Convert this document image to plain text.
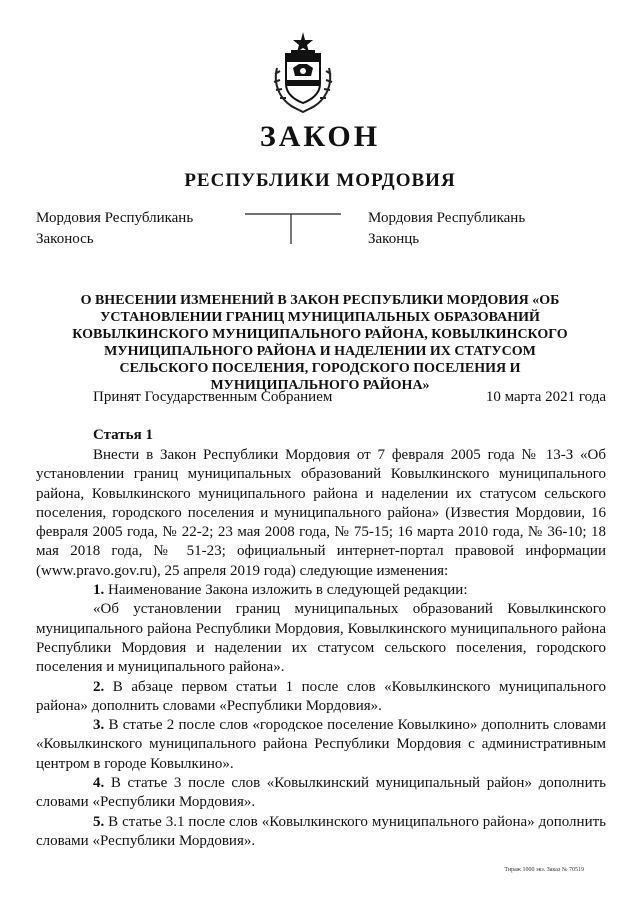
ЗАКОН
РЕСПУБЛИКИ МОРДОВИЯ
Мордовия Республикань
Законось
Мордовия Республикань
Законць
О ВНЕСЕНИИ ИЗМЕНЕНИЙ В ЗАКОН РЕСПУБЛИКИ МОРДОВИЯ «ОБ УСТАНОВЛЕНИИ ГРАНИЦ МУНИЦИПАЛЬНЫХ ОБРАЗОВАНИЙ КОВЫЛКИНСКОГО МУНИЦИПАЛЬНОГО РАЙОНА, КОВЫЛКИНСКОГО МУНИЦИПАЛЬНОГО РАЙОНА И НАДЕЛЕНИИ ИХ СТАТУСОМ СЕЛЬСКОГО ПОСЕЛЕНИЯ, ГОРОДСКОГО ПОСЕЛЕНИЯ И МУНИЦИПАЛЬНОГО РАЙОНА»
Принят Государственным Собранием	10 марта 2021 года
Статья 1

Внести в Закон Республики Мордовия от 7 февраля 2005 года № 13-З «Об установлении границ муниципальных образований Ковылкинского муниципального района, Ковылкинского муниципального района и наделении их статусом сельского поселения, городского поселения и муниципального района» (Известия Мордовии, 16 февраля 2005 года, № 22-2; 23 мая 2008 года, № 75-15; 16 марта 2010 года, № 36-10; 18 мая 2018 года, № 51-23; официальный интернет-портал правовой информации (www.pravo.gov.ru), 25 апреля 2019 года) следующие изменения:

1. Наименование Закона изложить в следующей редакции:

«Об установлении границ муниципальных образований Ковылкинского муниципального района Республики Мордовия, Ковылкинского муниципального района Республики Мордовия и наделении их статусом сельского поселения, городского поселения и муниципального района».

2. В абзаце первом статьи 1 после слов «Ковылкинского муниципального района» дополнить словами «Республики Мордовия».

3. В статье 2 после слов «городское поселение Ковылкино» дополнить словами «Ковылкинского муниципального района Республики Мордовия с административным центром в городе Ковылкино».

4. В статье 3 после слов «Ковылкинский муниципальный район» дополнить словами «Республики Мордовия».

5. В статье 3.1 после слов «Ковылкинского муниципального района» дополнить словами «Республики Мордовия».

Тираж 1000 экз. Заказ № 70519
